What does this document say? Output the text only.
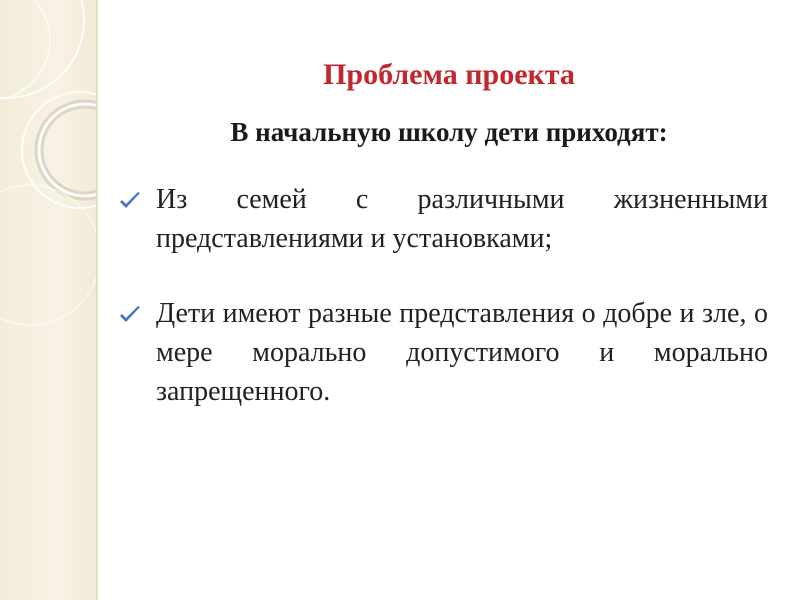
Проблема проекта
В начальную школу дети приходят:
Из семей с различными жизненными представлениями и установками;
Дети имеют разные представления о добре и зле, о мере морально допустимого и морально запрещенного.
